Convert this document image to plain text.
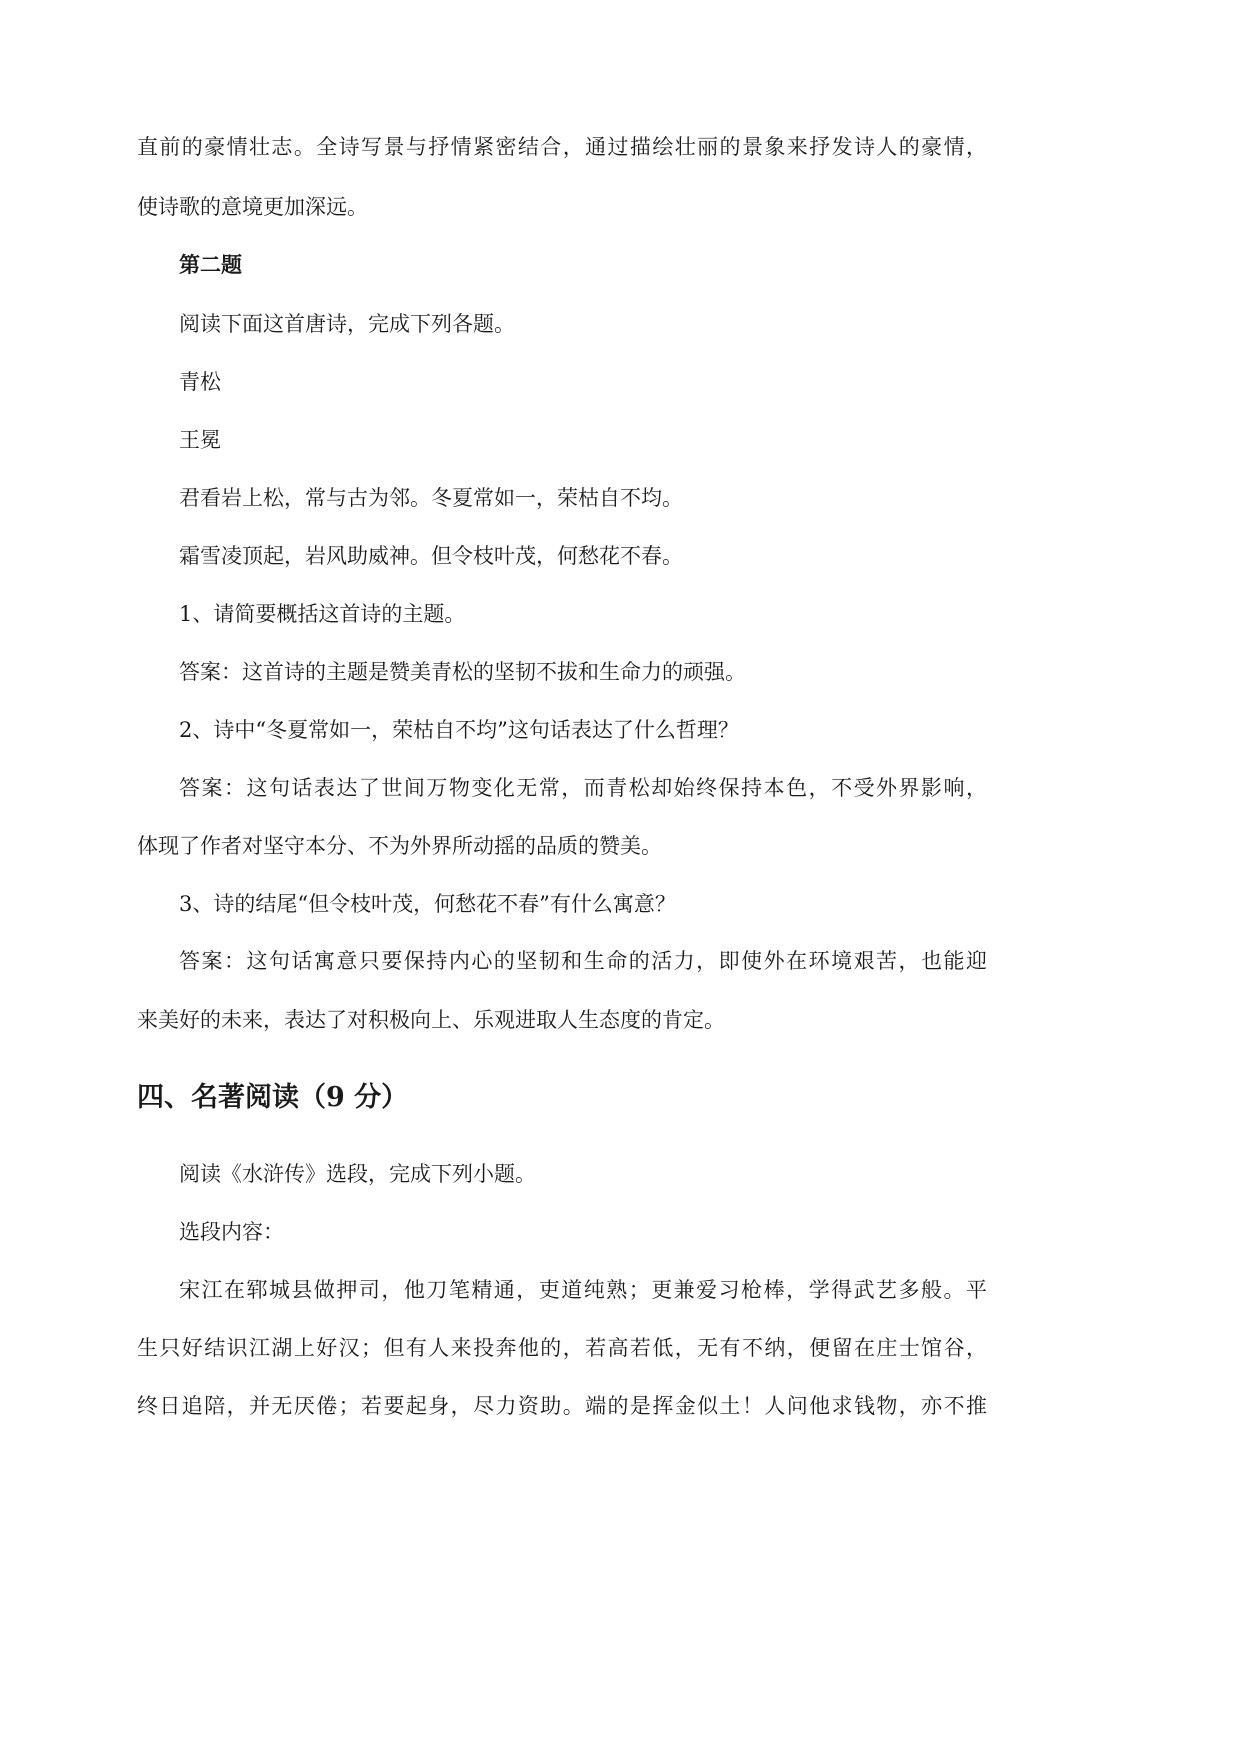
直前的豪情壮志。全诗写景与抒情紧密结合，通过描绘壮丽的景象来抒发诗人的豪情，
使诗歌的意境更加深远。
第二题
阅读下面这首唐诗，完成下列各题。
青松
王冕
君看岩上松，常与古为邻。冬夏常如一，荣枯自不均。
霜雪凌顶起，岩风助威神。但令枝叶茂，何愁花不春。
1、请简要概括这首诗的主题。
答案：这首诗的主题是赞美青松的坚韧不拔和生命力的顽强。
2、诗中“冬夏常如一，荣枯自不均”这句话表达了什么哲理？
答案：这句话表达了世间万物变化无常，而青松却始终保持本色，不受外界影响，
体现了作者对坚守本分、不为外界所动摇的品质的赞美。
3、诗的结尾“但令枝叶茂，何愁花不春”有什么寓意？
答案：这句话寓意只要保持内心的坚韧和生命的活力，即使外在环境艰苦，也能迎
来美好的未来，表达了对积极向上、乐观进取人生态度的肯定。
四、名著阅读（9 分）
阅读《水浒传》选段，完成下列小题。
选段内容：
宋江在郓城县做押司，他刀笔精通，吏道纯熟；更兼爱习枪棒，学得武艺多般。平
生只好结识江湖上好汉；但有人来投奔他的，若高若低，无有不纳，便留在庄士馆谷，
终日追陪，并无厌倦；若要起身，尽力资助。端的是挥金似土！人问他求钱物，亦不推
